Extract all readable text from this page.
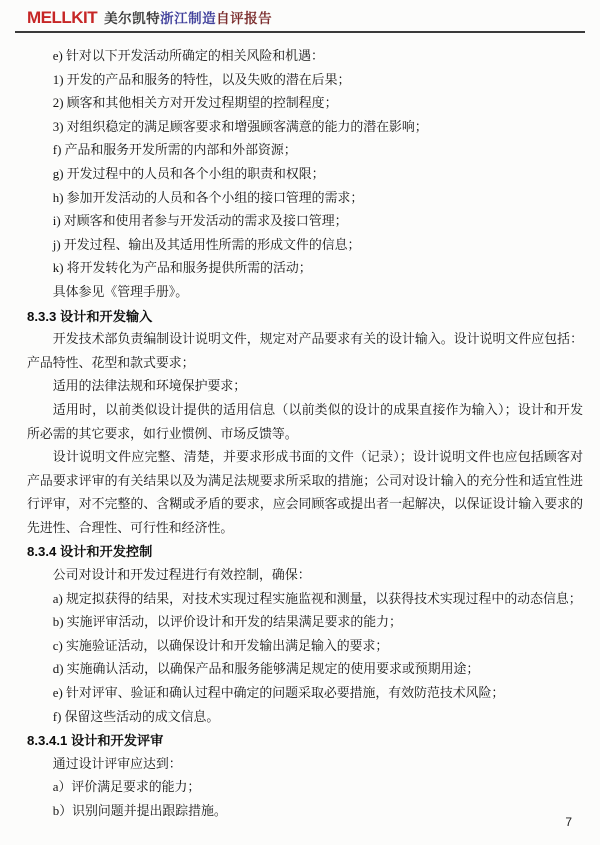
MELLKIT 美尔凯特 浙江制造 自评报告

e) 针对以下开发活动所确定的相关风险和机遇：

1) 开发的产品和服务的特性，以及失败的潜在后果；

2) 顾客和其他相关方对开发过程期望的控制程度；

3) 对组织稳定的满足顾客要求和增强顾客满意的能力的潜在影响；

f) 产品和服务开发所需的内部和外部资源；

g) 开发过程中的人员和各个小组的职责和权限；

h) 参加开发活动的人员和各个小组的接口管理的需求；

i) 对顾客和使用者参与开发活动的需求及接口管理；

j) 开发过程、输出及其适用性所需的形成文件的信息；

k) 将开发转化为产品和服务提供所需的活动；

具体参见《管理手册》。

8.3.3 设计和开发输入

开发技术部负责编制设计说明文件，规定对产品要求有关的设计输入。设计说明文件应包括：产品特性、花型和款式要求；

适用的法律法规和环境保护要求；

适用时，以前类似设计提供的适用信息（以前类似的设计的成果直接作为输入）；设计和开发所必需的其它要求，如行业惯例、市场反馈等。

设计说明文件应完整、清楚，并要求形成书面的文件（记录）；设计说明文件也应包括顾客对产品要求评审的有关结果以及为满足法规要求所采取的措施；公司对设计输入的充分性和适宜性进行评审，对不完整的、含糊或矛盾的要求，应会同顾客或提出者一起解决，以保证设计输入要求的先进性、合理性、可行性和经济性。

8.3.4 设计和开发控制

公司对设计和开发过程进行有效控制，确保：

a) 规定拟获得的结果，对技术实现过程实施监视和测量，以获得技术实现过程中的动态信息；

b) 实施评审活动，以评价设计和开发的结果满足要求的能力；

c) 实施验证活动，以确保设计和开发输出满足输入的要求；

d) 实施确认活动，以确保产品和服务能够满足规定的使用要求或预期用途；

e) 针对评审、验证和确认过程中确定的问题采取必要措施，有效防范技术风险；

f) 保留这些活动的成文信息。

8.3.4.1 设计和开发评审

通过设计评审应达到：

a）评价满足要求的能力；

b）识别问题并提出跟踪措施。

7
